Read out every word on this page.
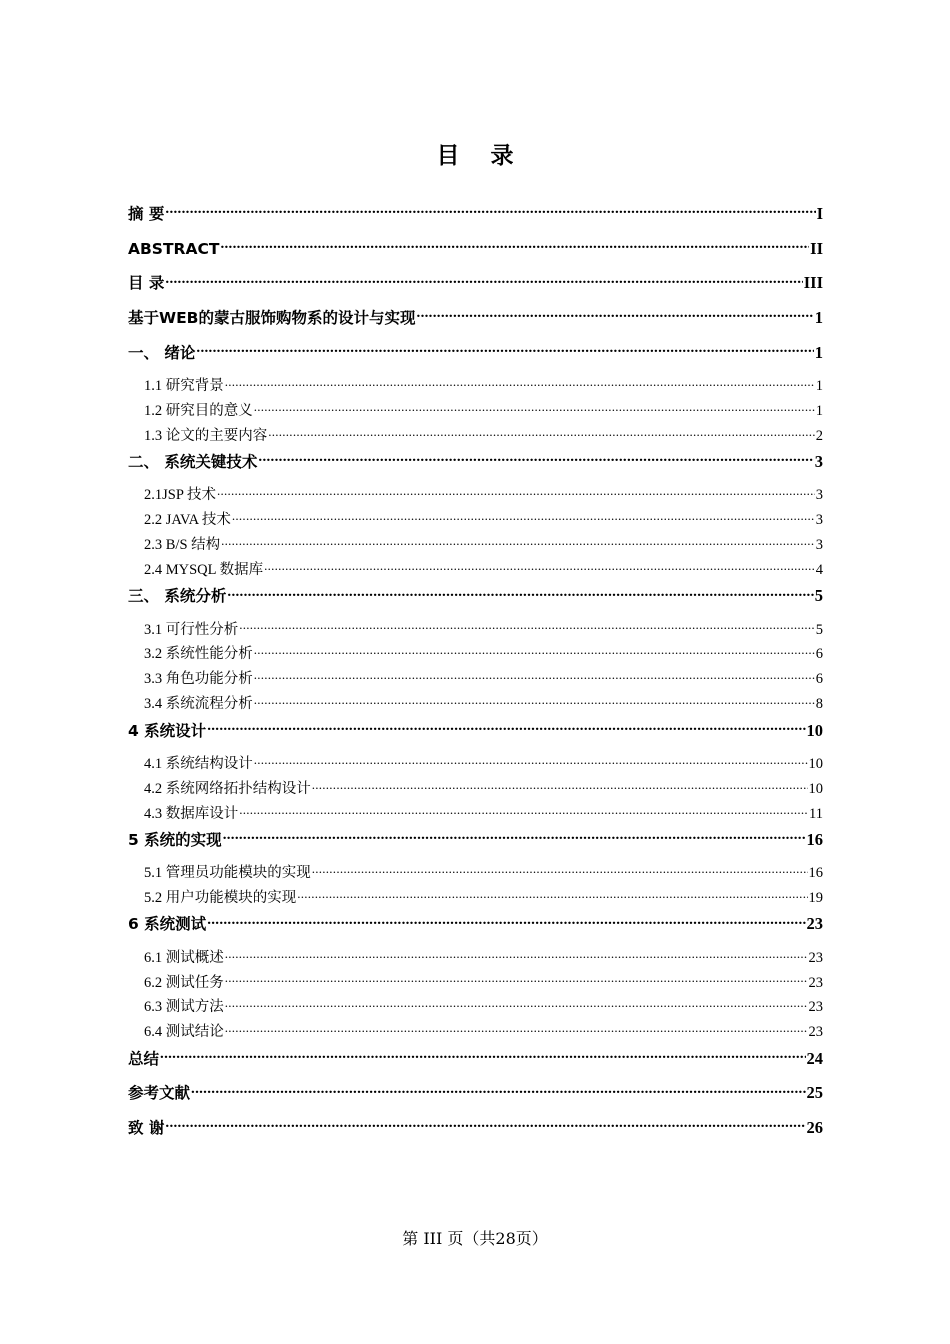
目 录
摘 要 .....	I
ABSTRACT .....	II
目 录 .....	III
基于WEB的蒙古服饰购物系的设计与实现 .....	1
一、 绪论 .....	1
1.1 研究背景 .....	1
1.2 研究目的意义 .....	1
1.3 论文的主要内容 .....	2
二、 系统关键技术 .....	3
2.1JSP 技术 .....	3
2.2 JAVA 技术 .....	3
2.3 B/S 结构 .....	3
2.4 MYSQL 数据库 .....	4
三、 系统分析 .....	5
3.1 可行性分析 .....	5
3.2 系统性能分析 .....	6
3.3 角色功能分析 .....	6
3.4 系统流程分析 .....	8
4 系统设计 .....	10
4.1 系统结构设计 .....	10
4.2 系统网络拓扑结构设计 .....	10
4.3 数据库设计 .....	11
5 系统的实现 .....	16
5.1 管理员功能模块的实现 .....	16
5.2 用户功能模块的实现 .....	19
6 系统测试 .....	23
6.1 测试概述 .....	23
6.2 测试任务 .....	23
6.3 测试方法 .....	23
6.4 测试结论 .....	23
总结 .....	24
参考文献 .....	25
致 谢 .....	26
第 III 页（共28页）
